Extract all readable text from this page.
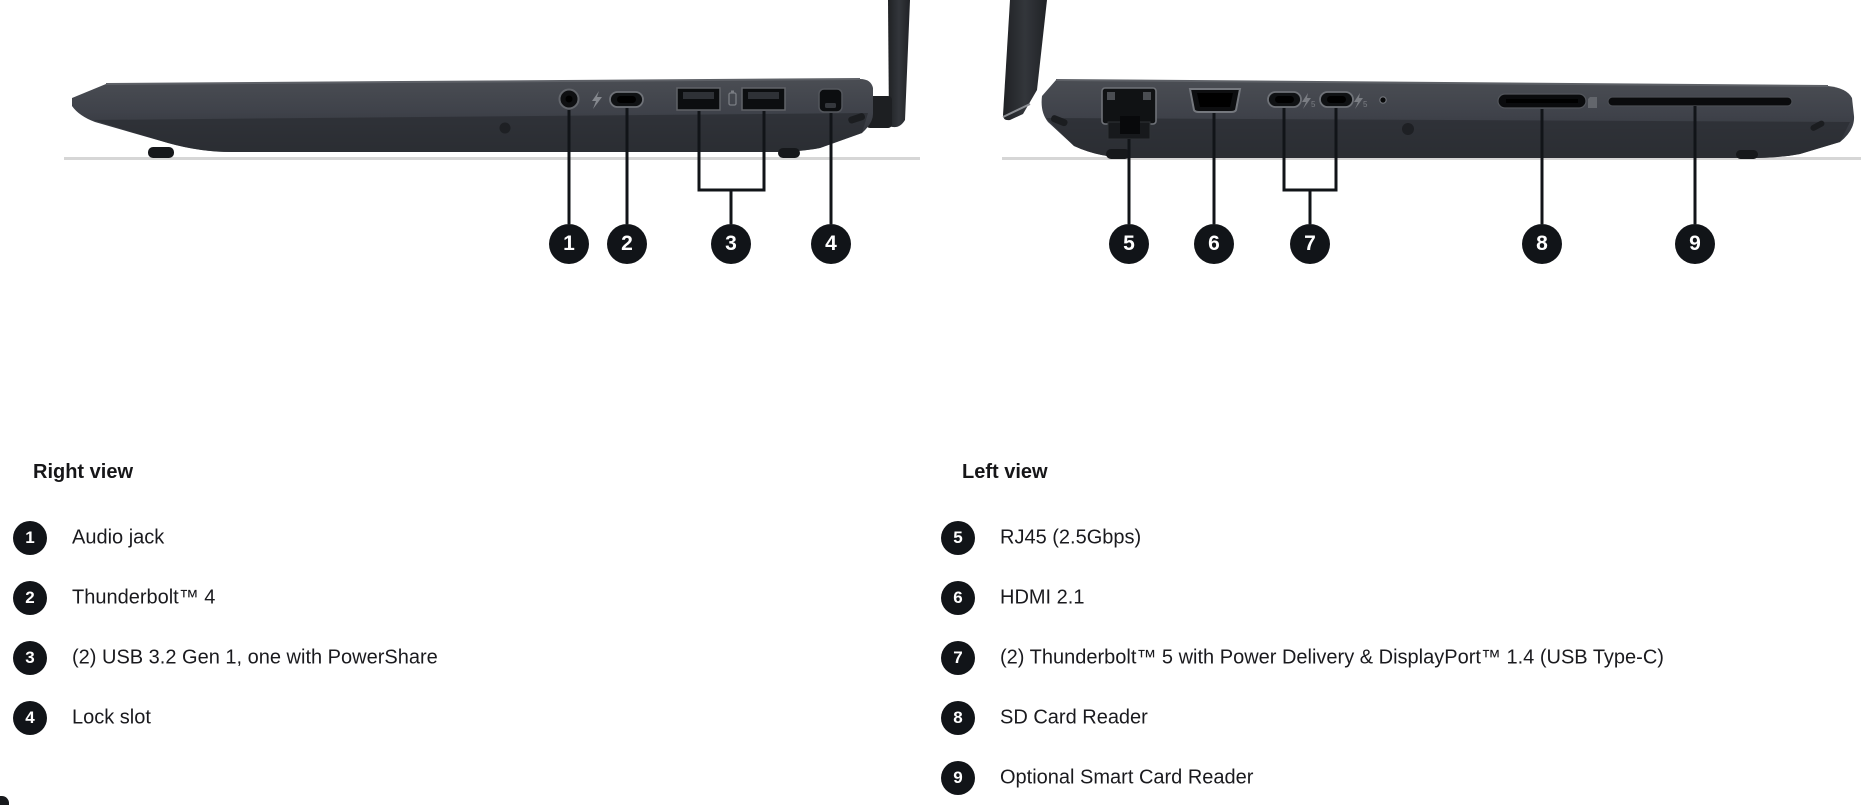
5	5
1	2	3	4	5	6	7	8	9
Right view	Left view
1	Audio jack
2	Thunderbolt™ 4
3	(2) USB 3.2 Gen 1, one with PowerShare
4	Lock slot
5	RJ45 (2.5Gbps)
6	HDMI 2.1
7	(2) Thunderbolt™ 5 with Power Delivery & DisplayPort™ 1.4 (USB Type-C)
8	SD Card Reader
9	Optional Smart Card Reader
